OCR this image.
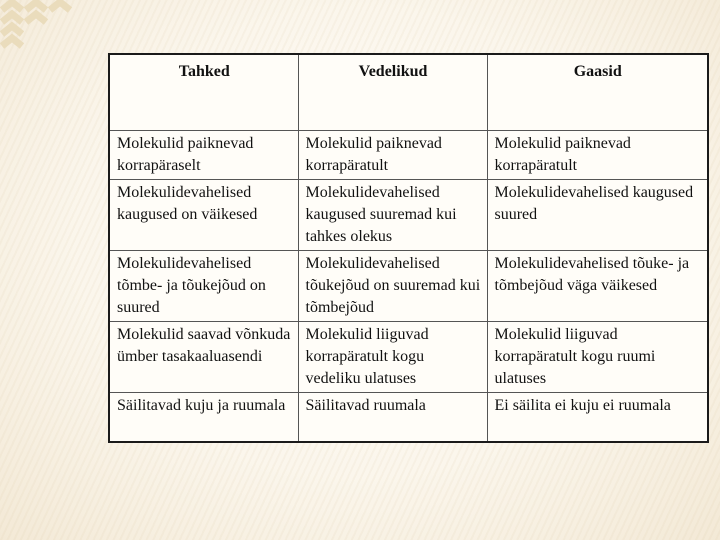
Tahked	Vedelikud	Gaasid
Molekulid paiknevad korrapäraselt	Molekulid paiknevad korrapäratult	Molekulid paiknevad korrapäratult
Molekulidevahelised kaugused on väikesed	Molekulidevahelised kaugused suuremad kui tahkes olekus	Molekulidevahelised kaugused suured
Molekulidevahelised tõmbe- ja tõukejõud on suured	Molekulidevahelised tõukejõud on suuremad kui tõmbejõud	Molekulidevahelised tõuke- ja tõmbejõud väga väikesed
Molekulid saavad võnkuda ümber tasakaaluasendi	Molekulid liiguvad korrapäratult kogu vedeliku ulatuses	Molekulid liiguvad korrapäratult kogu ruumi ulatuses
Säilitavad kuju ja ruumala	Säilitavad ruumala	Ei säilita ei kuju ei ruumala
